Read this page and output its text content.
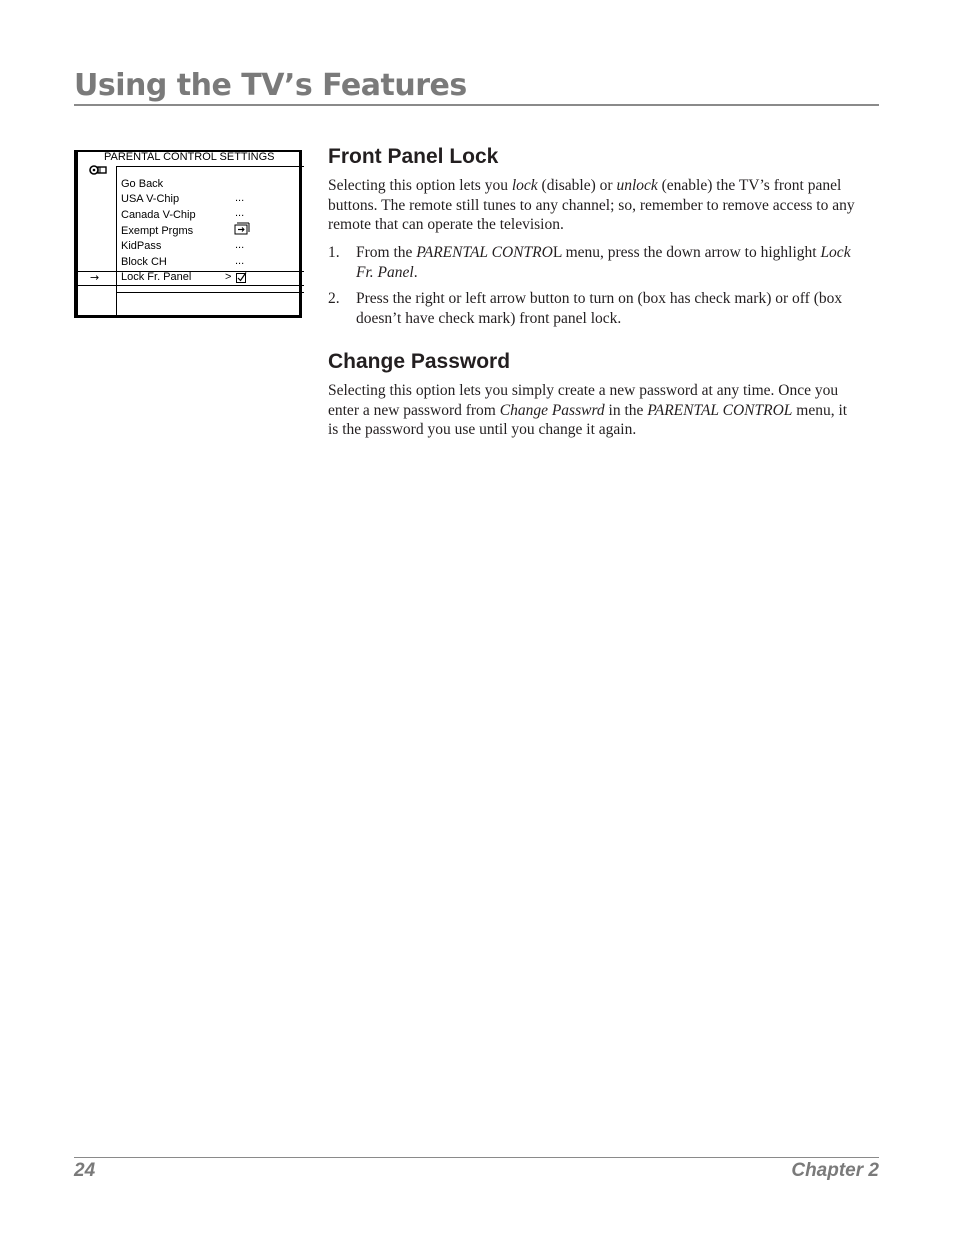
Using the TV’s Features
PARENTAL CONTROL SETTINGS
Go Back
USA V-Chip	...
Canada V-Chip	...
Exempt Prgms
KidPass	...
Block CH	...
→ Lock Fr. Panel	>
Front Panel Lock

Selecting this option lets you lock (disable) or unlock (enable) the TV’s front panel buttons. The remote still tunes to any channel; so, remember to remove access to any remote that can operate the television.

1. From the PARENTAL CONTROL menu, press the down arrow to highlight Lock Fr. Panel.

2. Press the right or left arrow button to turn on (box has check mark) or off (box doesn’t have check mark) front panel lock.

Change Password

Selecting this option lets you simply create a new password at any time. Once you enter a new password from Change Passwrd in the PARENTAL CONTROL menu, it is the password you use until you change it again.

24	Chapter 2
